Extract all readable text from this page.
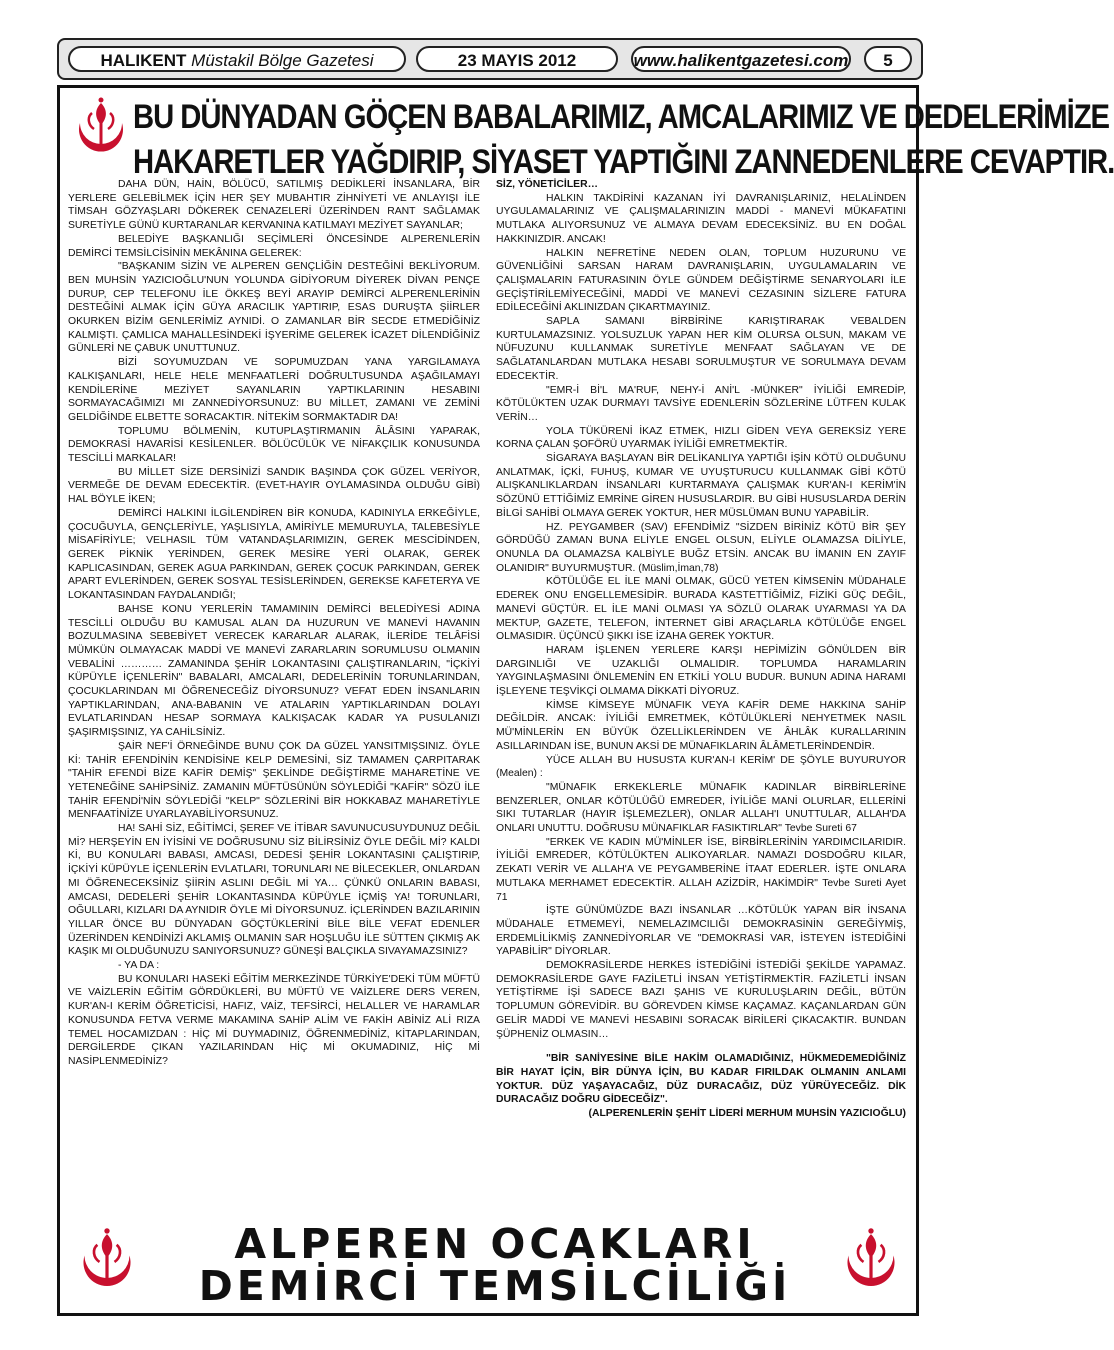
HALIKENT Müstakil Bölge Gazetesi	23 MAYIS 2012	www.halikentgazetesi.com	5
BU DÜNYADAN GÖÇEN BABALARIMIZ, AMCALARIMIZ VE DEDELERİMİZE
HAKARETLER YAĞDIRIP, SİYASET YAPTIĞINI ZANNEDENLERE CEVAPTIR.

DAHA DÜN, HAİN, BÖLÜCÜ, SATILMIŞ DEDİKLERİ İNSANLARA, BİR YERLERE GELEBİLMEK İÇİN HER ŞEY MUBAHTIR ZİHNİYETİ VE ANLAYIŞI İLE TİMSAH GÖZYAŞLARI DÖKEREK CENAZELERİ ÜZERİNDEN RANT SAĞLAMAK SURETİYLE GÜNÜ KURTARANLAR KERVANINA KATILMAYI MEZİYET SAYANLAR;

BELEDİYE BAŞKANLIĞI SEÇİMLERİ ÖNCESİNDE ALPERENLERİN DEMİRCİ TEMSİLCİSİNİN MEKÂNINA GELEREK:

"BAŞKANIM SİZİN VE ALPEREN GENÇLİĞİN DESTEĞİNİ BEKLİYORUM. BEN MUHSİN YAZICIOĞLU'NUN YOLUNDA GİDİYORUM DİYEREK DİVAN PENÇE DURUP, CEP TELEFONU İLE ÖKKEŞ BEYİ ARAYIP DEMİRCİ ALPERENLERİNİN DESTEĞİNİ ALMAK İÇİN GÜYA ARACILIK YAPTIRIP, ESAS DURUŞTA ŞİİRLER OKURKEN BİZİM GENLERİMİZ AYNIDİ. O ZAMANLAR BİR SECDE ETMEDİĞİNİZ KALMIŞTI. ÇAMLICA MAHALLESİNDEKİ İŞYERİME GELEREK İCAZET DİLENDİĞİNİZ GÜNLERİ NE ÇABUK UNUTTUNUZ.

BİZİ SOYUMUZDAN VE SOPUMUZDAN YANA YARGILAMAYA KALKIŞANLARI, HELE HELE MENFAATLERİ DOĞRULTUSUNDA AŞAĞILAMAYI KENDİLERİNE MEZİYET SAYANLARIN YAPTIKLARININ HESABINI SORMAYACAĞIMIZI MI ZANNEDİYORSUNUZ: BU MİLLET, ZAMANI VE ZEMİNİ GELDİĞİNDE ELBETTE SORACAKTIR. NİTEKİM SORMAKTADIR DA!

TOPLUMU BÖLMENİN, KUTUPLAŞTIRMANIN ÂLÂSINI YAPARAK, DEMOKRASİ HAVARİSİ KESİLENLER. BÖLÜCÜLÜK VE NİFAKÇILIK KONUSUNDA TESCİLLİ MARKALAR!

BU MİLLET SİZE DERSİNİZİ SANDIK BAŞINDA ÇOK GÜZEL VERİYOR, VERMEĞE DE DEVAM EDECEKTİR. (EVET-HAYIR OYLAMASINDA OLDUĞU GİBİ) HAL BÖYLE İKEN;

DEMİRCİ HALKINI İLGİLENDİREN BİR KONUDA, KADINIYLA ERKEĞİYLE, ÇOCUĞUYLA, GENÇLERİYLE, YAŞLISIYLA, AMİRİYLE MEMURUYLA, TALEBESİYLE MİSAFİRİYLE; VELHASIL TÜM VATANDAŞLARIMIZIN, GEREK MESCİDİNDEN, GEREK PİKNİK YERİNDEN, GEREK MESİRE YERİ OLARAK, GEREK KAPLICASINDAN, GEREK AGUA PARKINDAN, GEREK ÇOCUK PARKINDAN, GEREK APART EVLERİNDEN, GEREK SOSYAL TESİSLERİNDEN, GEREKSE KAFETERYA VE LOKANTASINDAN FAYDALANDIĞI;

BAHSE KONU YERLERİN TAMAMININ DEMİRCİ BELEDİYESİ ADINA TESCİLLİ OLDUĞU BU KAMUSAL ALAN DA HUZURUN VE MANEVİ HAVANIN BOZULMASINA SEBEBİYET VERECEK KARARLAR ALARAK, İLERİDE TELÂFİSİ MÜMKÜN OLMAYACAK MADDİ VE MANEVİ ZARARLARIN SORUMLUSU OLMANIN VEBALİNİ ………… ZAMANINDA ŞEHİR LOKANTASINI ÇALIŞTIRANLARIN, "İÇKİYİ KÜPÜYLE İÇENLERİN" BABALARI, AMCALARI, DEDELERİNİN TORUNLARINDAN, ÇOCUKLARINDAN MI ÖĞRENECEĞİZ DİYORSUNUZ? VEFAT EDEN İNSANLARIN YAPTIKLARINDAN, ANA-BABANIN VE ATALARIN YAPTIKLARINDAN DOLAYI EVLATLARINDAN HESAP SORMAYA KALKIŞACAK KADAR YA PUSULANIZI ŞAŞIRMIŞSINIZ, YA CAHİLSİNİZ.

ŞAİR NEF'İ ÖRNEĞİNDE BUNU ÇOK DA GÜZEL YANSITMIŞSINIZ. ÖYLE Kİ: TAHİR EFENDİNİN KENDİSİNE KELP DEMESİNİ, SİZ TAMAMEN ÇARPITARAK "TAHİR EFENDİ BİZE KAFİR DEMİŞ" ŞEKLİNDE DEĞİŞTİRME MAHARETİNE VE YETENEĞİNE SAHİPSİNİZ. ZAMANIN MÜFTÜSÜNÜN SÖYLEDİĞİ "KAFİR" SÖZÜ İLE TAHİR EFENDİ'NİN SÖYLEDİĞİ "KELP" SÖZLERİNİ BİR HOKKABAZ MAHARETİYLE MENFAATİNİZE UYARLAYABİLİYORSUNUZ.

HA! SAHİ SİZ, EĞİTİMCİ, ŞEREF VE İTİBAR SAVUNUCUSUYDUNUZ DEĞİL Mİ? HERŞEYİN EN İYİSİNİ VE DOĞRUSUNU SİZ BİLİRSİNİZ ÖYLE DEĞİL Mİ? KALDI Kİ, BU KONULARI BABASI, AMCASI, DEDESİ ŞEHİR LOKANTASINI ÇALIŞTIRIP, İÇKİYİ KÜPÜYLE İÇENLERİN EVLATLARI, TORUNLARI NE BİLECEKLER, ONLARDAN MI ÖĞRENECEKSİNİZ ŞİİRİN ASLINI DEĞİL Mİ YA… ÇÜNKÜ ONLARIN BABASI, AMCASI, DEDELERİ ŞEHİR LOKANTASINDA KÜPÜYLE İÇMİŞ YA! TORUNLARI, OĞULLARI, KIZLARI DA AYNIDIR ÖYLE Mİ DİYORSUNUZ. İÇLERİNDEN BAZILARININ YILLAR ÖNCE BU DÜNYADAN GÖÇTÜKLERİNİ BİLE BİLE VEFAT EDENLER ÜZERİNDEN KENDİNİZİ AKLAMIŞ OLMANIN SAR HOŞLUĞU İLE SÜTTEN ÇIKMIŞ AK KAŞIK MI OLDUĞUNUZU SANIYORSUNUZ? GÜNEŞİ BALÇIKLA SIVAYAMAZSINIZ?

- YA DA :

BU KONULARI HASEKİ EĞİTİM MERKEZİNDE TÜRKİYE'DEKİ TÜM MÜFTÜ VE VAİZLERİN EĞİTİM GÖRDÜKLERİ, BU MÜFTÜ VE VAİZLERE DERS VEREN, KUR'AN-I KERİM ÖĞRETİCİSİ, HAFIZ, VAİZ, TEFSİRCİ, HELALLER VE HARAMLAR KONUSUNDA FETVA VERME MAKAMINA SAHİP ALİM VE FAKİH ABİNİZ ALİ RIZA TEMEL HOCAMIZDAN : HİÇ Mİ DUYMADINIZ, ÖĞRENMEDİNİZ, KİTAPLARINDAN, DERGİLERDE ÇIKAN YAZILARINDAN HİÇ Mİ OKUMADINIZ, HİÇ Mİ NASİPLENMEDİNİZ?

SİZ, YÖNETİCİLER…

HALKIN TAKDİRİNİ KAZANAN İYİ DAVRANIŞLARINIZ, HELALİNDEN UYGULAMALARINIZ VE ÇALIŞMALARINIZIN MADDİ - MANEVİ MÜKAFATINI MUTLAKA ALIYORSUNUZ VE ALMAYA DEVAM EDECEKSİNİZ. BU EN DOĞAL HAKKINIZDIR. ANCAK!

HALKIN NEFRETİNE NEDEN OLAN, TOPLUM HUZURUNU VE GÜVENLİĞİNİ SARSAN HARAM DAVRANIŞLARIN, UYGULAMALARIN VE ÇALIŞMALARIN FATURASININ ÖYLE GÜNDEM DEĞİŞTİRME SENARYOLARI İLE GEÇİŞTİRİLEMİYECEĞİNİ, MADDİ VE MANEVİ CEZASININ SİZLERE FATURA EDİLECEĞİNİ AKLINIZDAN ÇIKARTMAYINIZ.

SAPLA SAMANI BİRBİRİNE KARIŞTIRARAK VEBALDEN KURTULAMAZSINIZ. YOLSUZLUK YAPAN HER KİM OLURSA OLSUN, MAKAM VE NÜFUZUNU KULLANMAK SURETİYLE MENFAAT SAĞLAYAN VE DE SAĞLATANLARDAN MUTLAKA HESABI SORULMUŞTUR VE SORULMAYA DEVAM EDECEKTİR.

"EMR-İ Bİ'L MA'RUF, NEHY-İ ANİ'L -MÜNKER" İYİLİĞİ EMREDİP, KÖTÜLÜKTEN UZAK DURMAYI TAVSİYE EDENLERİN SÖZLERİNE LÜTFEN KULAK VERİN…

YOLA TÜKÜRENİ İKAZ ETMEK, HIZLI GİDEN VEYA GEREKSİZ YERE KORNA ÇALAN ŞOFÖRÜ UYARMAK İYİLİĞİ EMRETMEKTİR.

SİGARAYA BAŞLAYAN BİR DELİKANLIYA YAPTIĞI İŞİN KÖTÜ OLDUĞUNU ANLATMAK, İÇKİ, FUHUŞ, KUMAR VE UYUŞTURUCU KULLANMAK GİBİ KÖTÜ ALIŞKANLIKLARDAN İNSANLARI KURTARMAYA ÇALIŞMAK KUR'AN-I KERİM'İN SÖZÜNÜ ETTİĞİMİZ EMRİNE GİREN HUSUSLARDIR. BU GİBİ HUSUSLARDA DERİN BİLGİ SAHİBİ OLMAYA GEREK YOKTUR, HER MÜSLÜMAN BUNU YAPABİLİR.

HZ. PEYGAMBER (SAV) EFENDİMİZ "SİZDEN BİRİNİZ KÖTÜ BİR ŞEY GÖRDÜĞÜ ZAMAN BUNA ELİYLE ENGEL OLSUN, ELİYLE OLAMAZSA DİLİYLE, ONUNLA DA OLAMAZSA KALBİYLE BUĞZ ETSİN. ANCAK BU İMANIN EN ZAYIF OLANIDIR" BUYURMUŞTUR. (Müslim,İman,78)

KÖTÜLÜĞE EL İLE MANİ OLMAK, GÜCÜ YETEN KİMSENİN MÜDAHALE EDEREK ONU ENGELLEMESİDİR. BURADA KASTETTİĞİMİZ, FİZİKİ GÜÇ DEĞİL, MANEVİ GÜÇTÜR. EL İLE MANİ OLMASI YA SÖZLÜ OLARAK UYARMASI YA DA MEKTUP, GAZETE, TELEFON, İNTERNET GİBİ ARAÇLARLA KÖTÜLÜĞE ENGEL OLMASIDIR. ÜÇÜNCÜ ŞIKKI İSE İZAHA GEREK YOKTUR.

HARAM İŞLENEN YERLERE KARŞI HEPİMİZİN GÖNÜLDEN BİR DARGINLIĞI VE UZAKLIĞI OLMALIDIR. TOPLUMDA HARAMLARIN YAYGINLAŞMASINI ÖNLEMENİN EN ETKİLİ YOLU BUDUR. BUNUN ADINA HARAMI İŞLEYENE TEŞVİKÇİ OLMAMA DİKKATİ DİYORUZ.

KİMSE KİMSEYE MÜNAFIK VEYA KAFİR DEME HAKKINA SAHİP DEĞİLDİR. ANCAK: İYİLİĞİ EMRETMEK, KÖTÜLÜKLERİ NEHYETMEK NASIL MÜ'MİNLERİN EN BÜYÜK ÖZELLİKLERİNDEN VE ÂHLÂK KURALLARININ ASILLARINDAN İSE, BUNUN AKSİ DE MÜNAFIKLARIN ÂLÂMETLERİNDENDİR.

YÜCE ALLAH BU HUSUSTA KUR'AN-I KERİM' DE ŞÖYLE BUYURUYOR (Mealen) :

"MÜNAFIK ERKEKLERLE MÜNAFIK KADINLAR BİRBİRLERİNE BENZERLER, ONLAR KÖTÜLÜĞÜ EMREDER, İYİLİĞE MANİ OLURLAR, ELLERİNİ SIKI TUTARLAR (HAYIR İŞLEMEZLER), ONLAR ALLAH'I UNUTTULAR, ALLAH'DA ONLARI UNUTTU. DOĞRUSU MÜNAFIKLAR FASIKTIRLAR" Tevbe Sureti 67

"ERKEK VE KADIN MÜ'MİNLER İSE, BİRBİRLERİNİN YARDIMCILARIDIR. İYİLİĞİ EMREDER, KÖTÜLÜKTEN ALIKOYARLAR. NAMAZI DOSDOĞRU KILAR, ZEKATI VERİR VE ALLAH'A VE PEYGAMBERİNE İTAAT EDERLER. İŞTE ONLARA MUTLAKA MERHAMET EDECEKTİR. ALLAH AZİZDİR, HAKİMDİR" Tevbe Sureti Ayet 71

İŞTE GÜNÜMÜZDE BAZI İNSANLAR …KÖTÜLÜK YAPAN BİR İNSANA MÜDAHALE ETMEMEYİ, NEMELAZIMCILIĞI DEMOKRASİNİN GEREĞİYMİŞ, ERDEMLİLİKMİŞ ZANNEDİYORLAR VE "DEMOKRASİ VAR, İSTEYEN İSTEDİĞİNİ YAPABİLİR" DİYORLAR.

DEMOKRASİLERDE HERKES İSTEDİĞİNİ İSTEDİĞİ ŞEKİLDE YAPAMAZ. DEMOKRASİLERDE GAYE FAZİLETLİ İNSAN YETİŞTİRMEKTİR. FAZİLETLİ İNSAN YETİŞTİRME İŞİ SADECE BAZI ŞAHIS VE KURULUŞLARIN DEĞİL, BÜTÜN TOPLUMUN GÖREVİDİR. BU GÖREVDEN KİMSE KAÇAMAZ. KAÇANLARDAN GÜN GELİR MADDİ VE MANEVİ HESABINI SORACAK BİRİLERİ ÇIKACAKTIR. BUNDAN ŞÜPHENİZ OLMASIN…

"BİR SANİYESİNE BİLE HAKİM OLAMADIĞINIZ, HÜKMEDEMEDİĞİNİZ BİR HAYAT İÇİN, BİR DÜNYA İÇİN, BU KADAR FIRILDAK OLMANIN ANLAMI YOKTUR. DÜZ YAŞAYACAĞIZ, DÜZ DURACAĞIZ, DÜZ YÜRÜYECEĞİZ. DİK DURACAĞIZ DOĞRU GİDECEĞİZ".

(ALPERENLERİN ŞEHİT LİDERİ MERHUM MUHSİN YAZICIOĞLU)

ALPEREN OCAKLARI
DEMİRCİ TEMSİLCİLİĞİ
